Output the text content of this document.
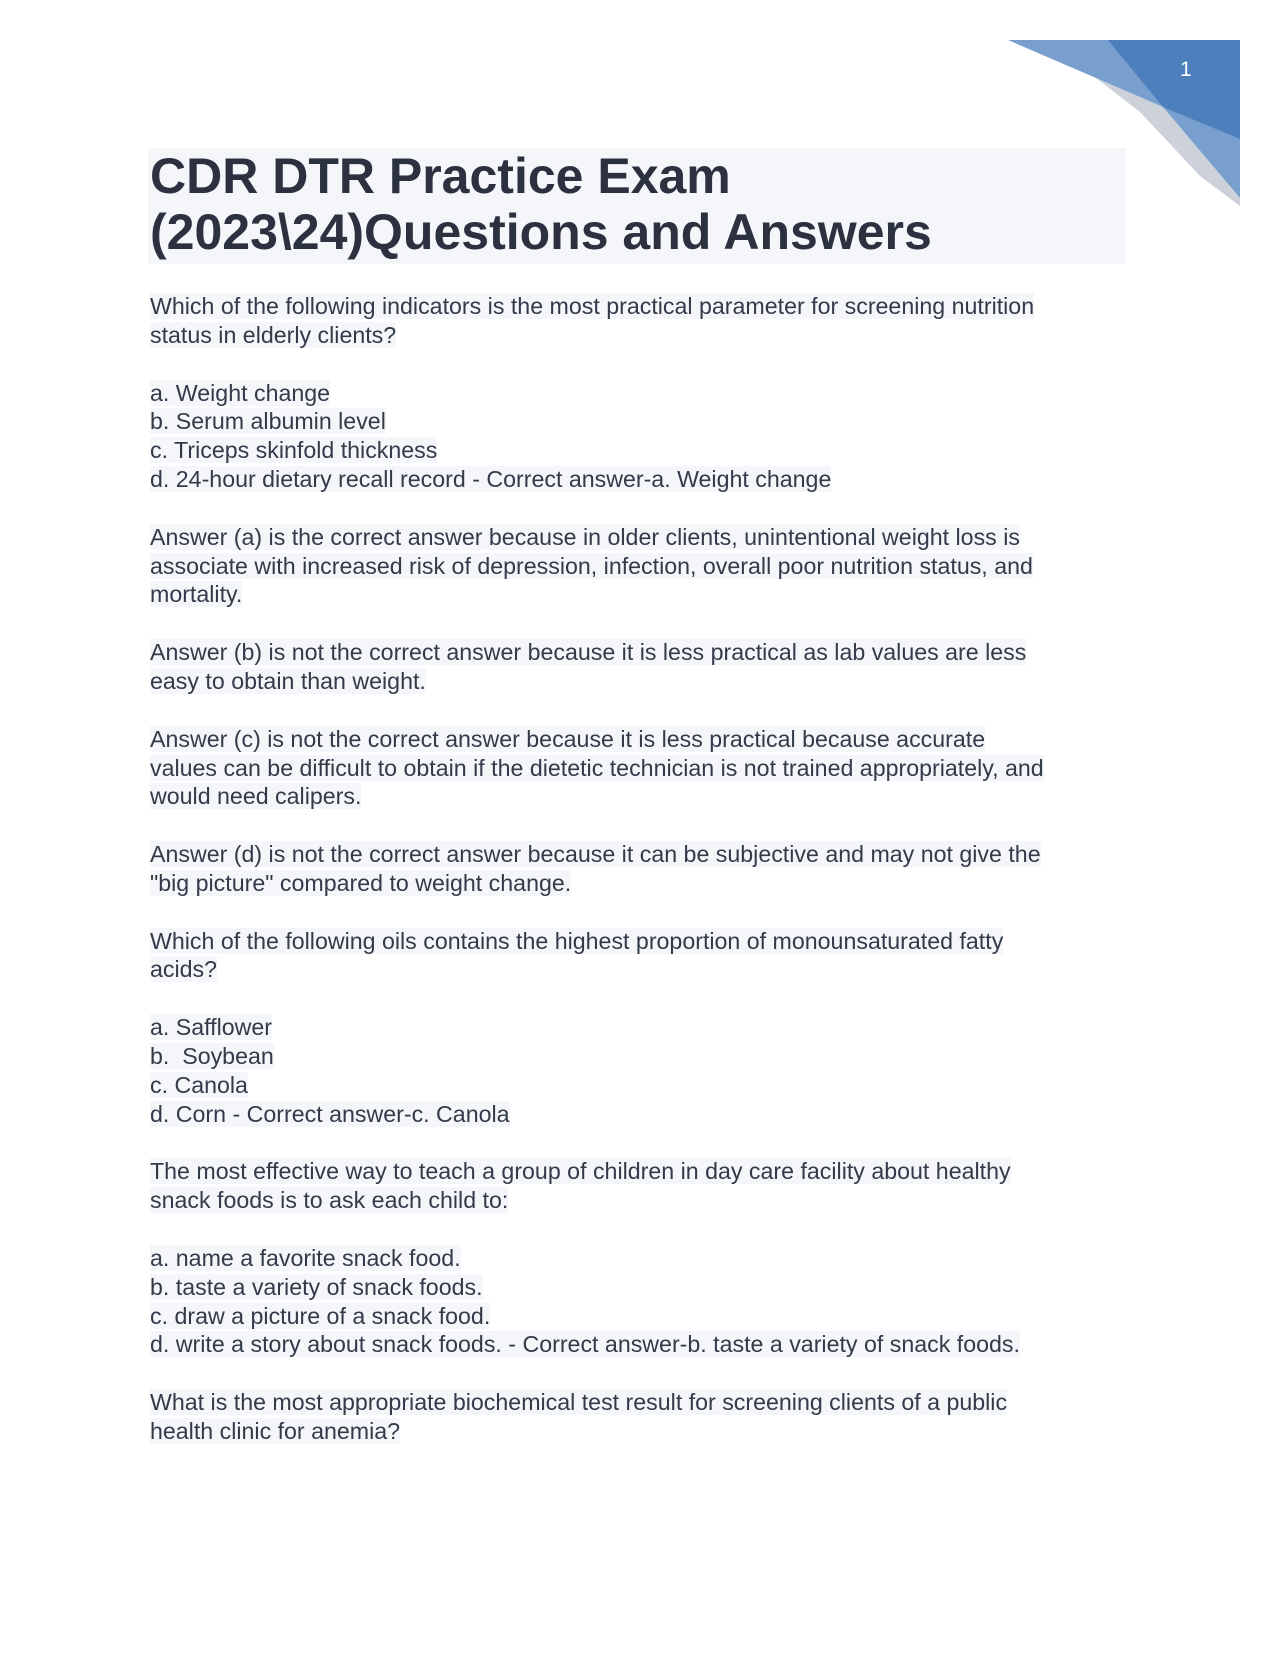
1
CDR DTR Practice Exam
(2023\24)Questions and Answers
Which of the following indicators is the most practical parameter for screening nutrition
status in elderly clients?
a. Weight change
b. Serum albumin level
c. Triceps skinfold thickness
d. 24-hour dietary recall record - Correct answer-a. Weight change
Answer (a) is the correct answer because in older clients, unintentional weight loss is
associate with increased risk of depression, infection, overall poor nutrition status, and
mortality.
Answer (b) is not the correct answer because it is less practical as lab values are less
easy to obtain than weight.
Answer (c) is not the correct answer because it is less practical because accurate
values can be difficult to obtain if the dietetic technician is not trained appropriately, and
would need calipers.
Answer (d) is not the correct answer because it can be subjective and may not give the
"big picture" compared to weight change.
Which of the following oils contains the highest proportion of monounsaturated fatty
acids?
a. Safflower
b.  Soybean
c. Canola
d. Corn - Correct answer-c. Canola
The most effective way to teach a group of children in day care facility about healthy
snack foods is to ask each child to:
a. name a favorite snack food.
b. taste a variety of snack foods.
c. draw a picture of a snack food.
d. write a story about snack foods. - Correct answer-b. taste a variety of snack foods.
What is the most appropriate biochemical test result for screening clients of a public
health clinic for anemia?
